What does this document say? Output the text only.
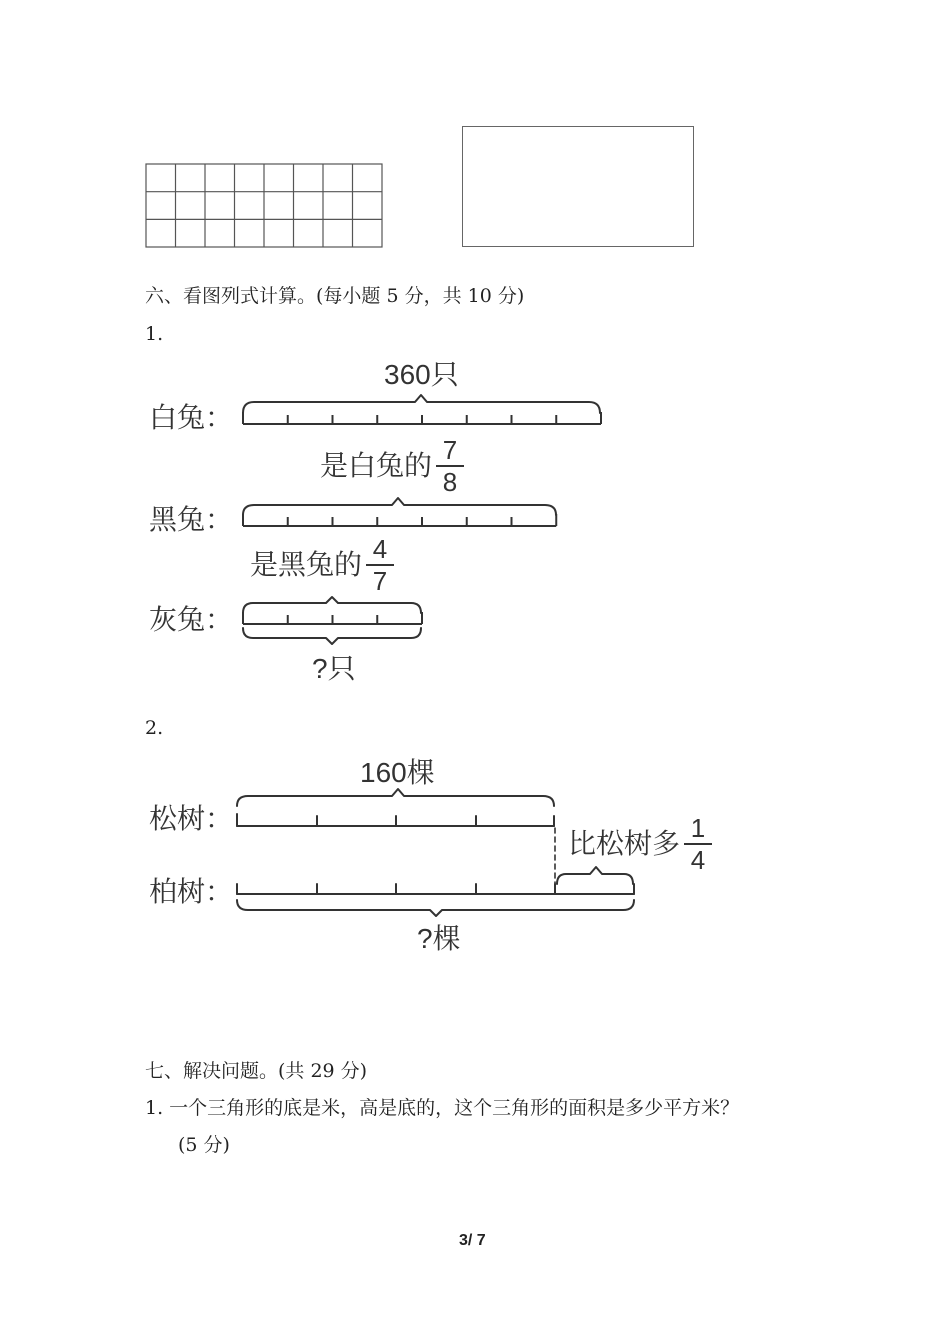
六、看图列式计算。(每小题 5 分，共 10 分)
1.
360只
白兔：
黑兔：
灰兔：
是白兔的 $\frac{7}{8}$
是黑兔的 $\frac{4}{7}$
?只
2.
160棵
松树：
柏树：
比松树多 $\frac{1}{4}$
?棵
七、解决问题。(共 29 分)
1. 一个三角形的底是米，高是底的，这个三角形的面积是多少平方米？
(5 分)
3/ 7
